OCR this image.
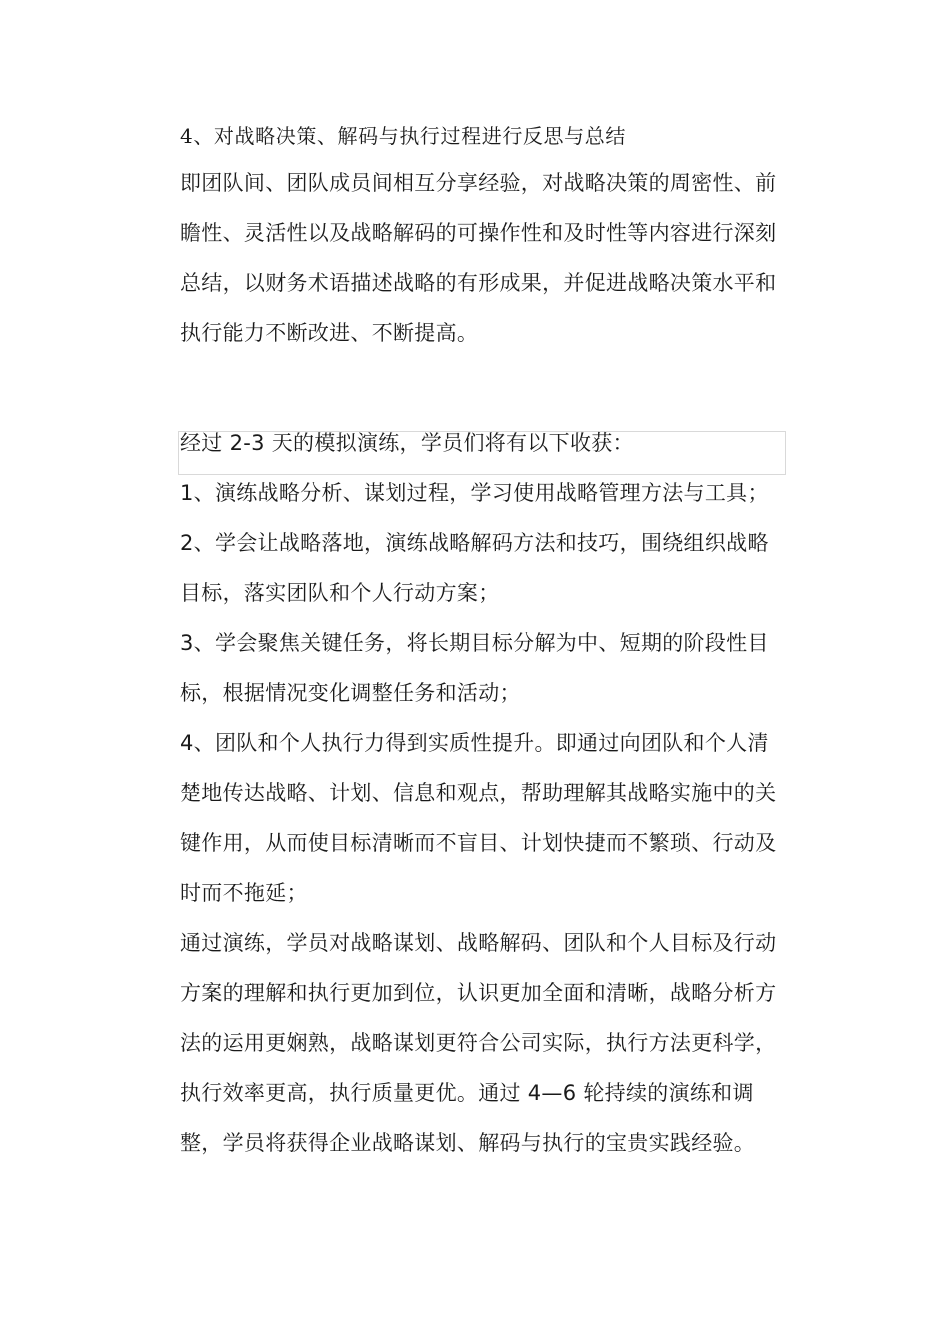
4、对战略决策、解码与执行过程进行反思与总结
即团队间、团队成员间相互分享经验，对战略决策的周密性、前瞻性、灵活性以及战略解码的可操作性和及时性等内容进行深刻总结，以财务术语描述战略的有形成果，并促进战略决策水平和执行能力不断改进、不断提高。
经过 2-3 天的模拟演练，学员们将有以下收获：
1、演练战略分析、谋划过程，学习使用战略管理方法与工具；
2、学会让战略落地，演练战略解码方法和技巧，围绕组织战略目标，落实团队和个人行动方案；
3、学会聚焦关键任务，将长期目标分解为中、短期的阶段性目标，根据情况变化调整任务和活动；
4、团队和个人执行力得到实质性提升。即通过向团队和个人清楚地传达战略、计划、信息和观点，帮助理解其战略实施中的关键作用，从而使目标清晰而不盲目、计划快捷而不繁琐、行动及时而不拖延；
通过演练，学员对战略谋划、战略解码、团队和个人目标及行动方案的理解和执行更加到位，认识更加全面和清晰，战略分析方法的运用更娴熟，战略谋划更符合公司实际，执行方法更科学，执行效率更高，执行质量更优。通过 4—6 轮持续的演练和调整，学员将获得企业战略谋划、解码与执行的宝贵实践经验。
